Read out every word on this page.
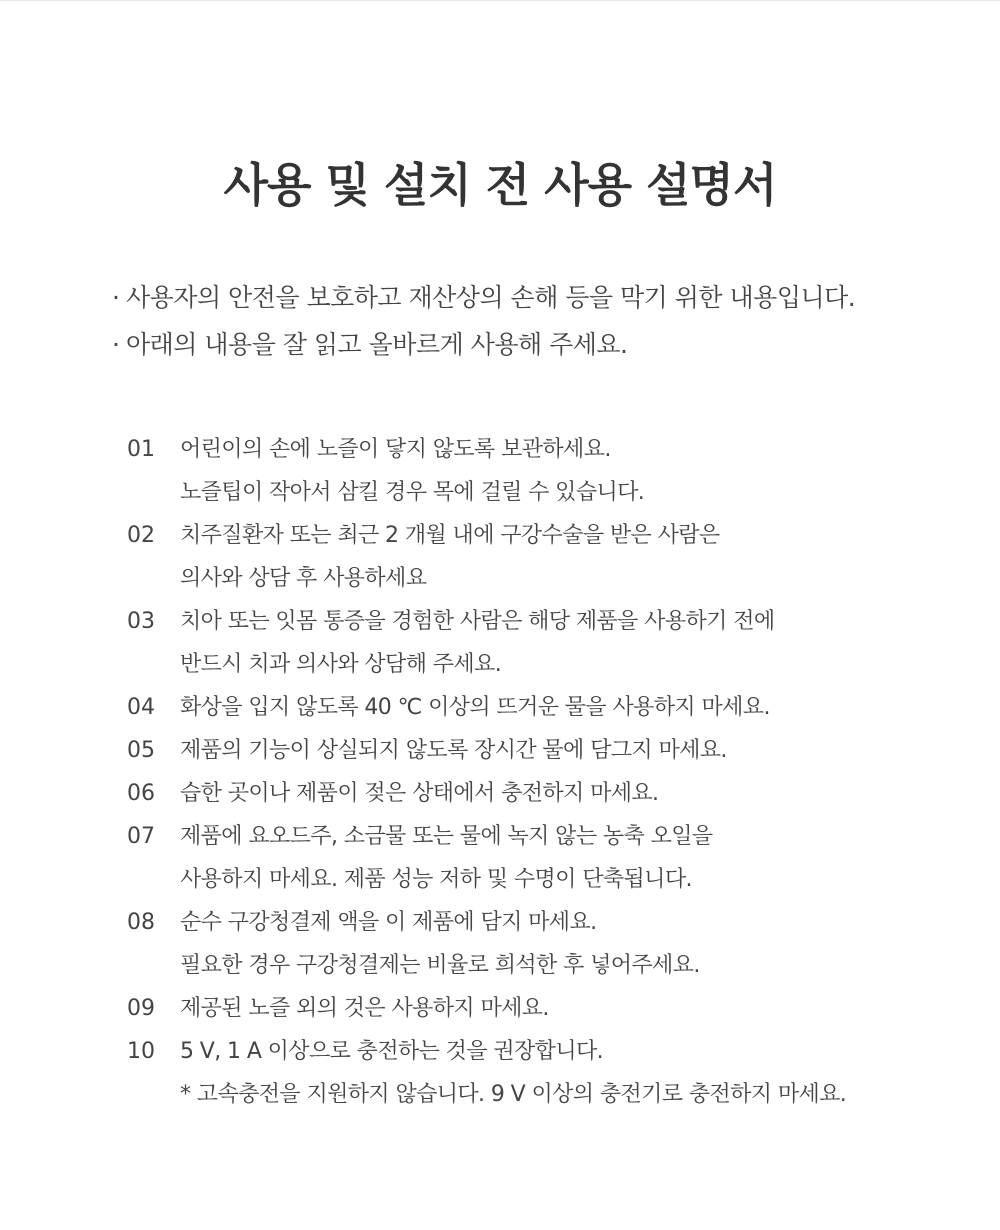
사용 및 설치 전 사용 설명서
· 사용자의 안전을 보호하고 재산상의 손해 등을 막기 위한 내용입니다.
· 아래의 내용을 잘 읽고 올바르게 사용해 주세요.
01	어린이의 손에 노즐이 닿지 않도록 보관하세요.
노즐팁이 작아서 삼킬 경우 목에 걸릴 수 있습니다.
02	치주질환자 또는 최근 2 개월 내에 구강수술을 받은 사람은
의사와 상담 후 사용하세요
03	치아 또는 잇몸 통증을 경험한 사람은 해당 제품을 사용하기 전에
반드시 치과 의사와 상담해 주세요.
04	화상을 입지 않도록 40 ℃ 이상의 뜨거운 물을 사용하지 마세요.
05	제품의 기능이 상실되지 않도록 장시간 물에 담그지 마세요.
06	습한 곳이나 제품이 젖은 상태에서 충전하지 마세요.
07	제품에 요오드주, 소금물 또는 물에 녹지 않는 농축 오일을
사용하지 마세요. 제품 성능 저하 및 수명이 단축됩니다.
08	순수 구강청결제 액을 이 제품에 담지 마세요.
필요한 경우 구강청결제는 비율로 희석한 후 넣어주세요.
09	제공된 노즐 외의 것은 사용하지 마세요.
10	5 V, 1 A 이상으로 충전하는 것을 권장합니다.
* 고속충전을 지원하지 않습니다. 9 V 이상의 충전기로 충전하지 마세요.
